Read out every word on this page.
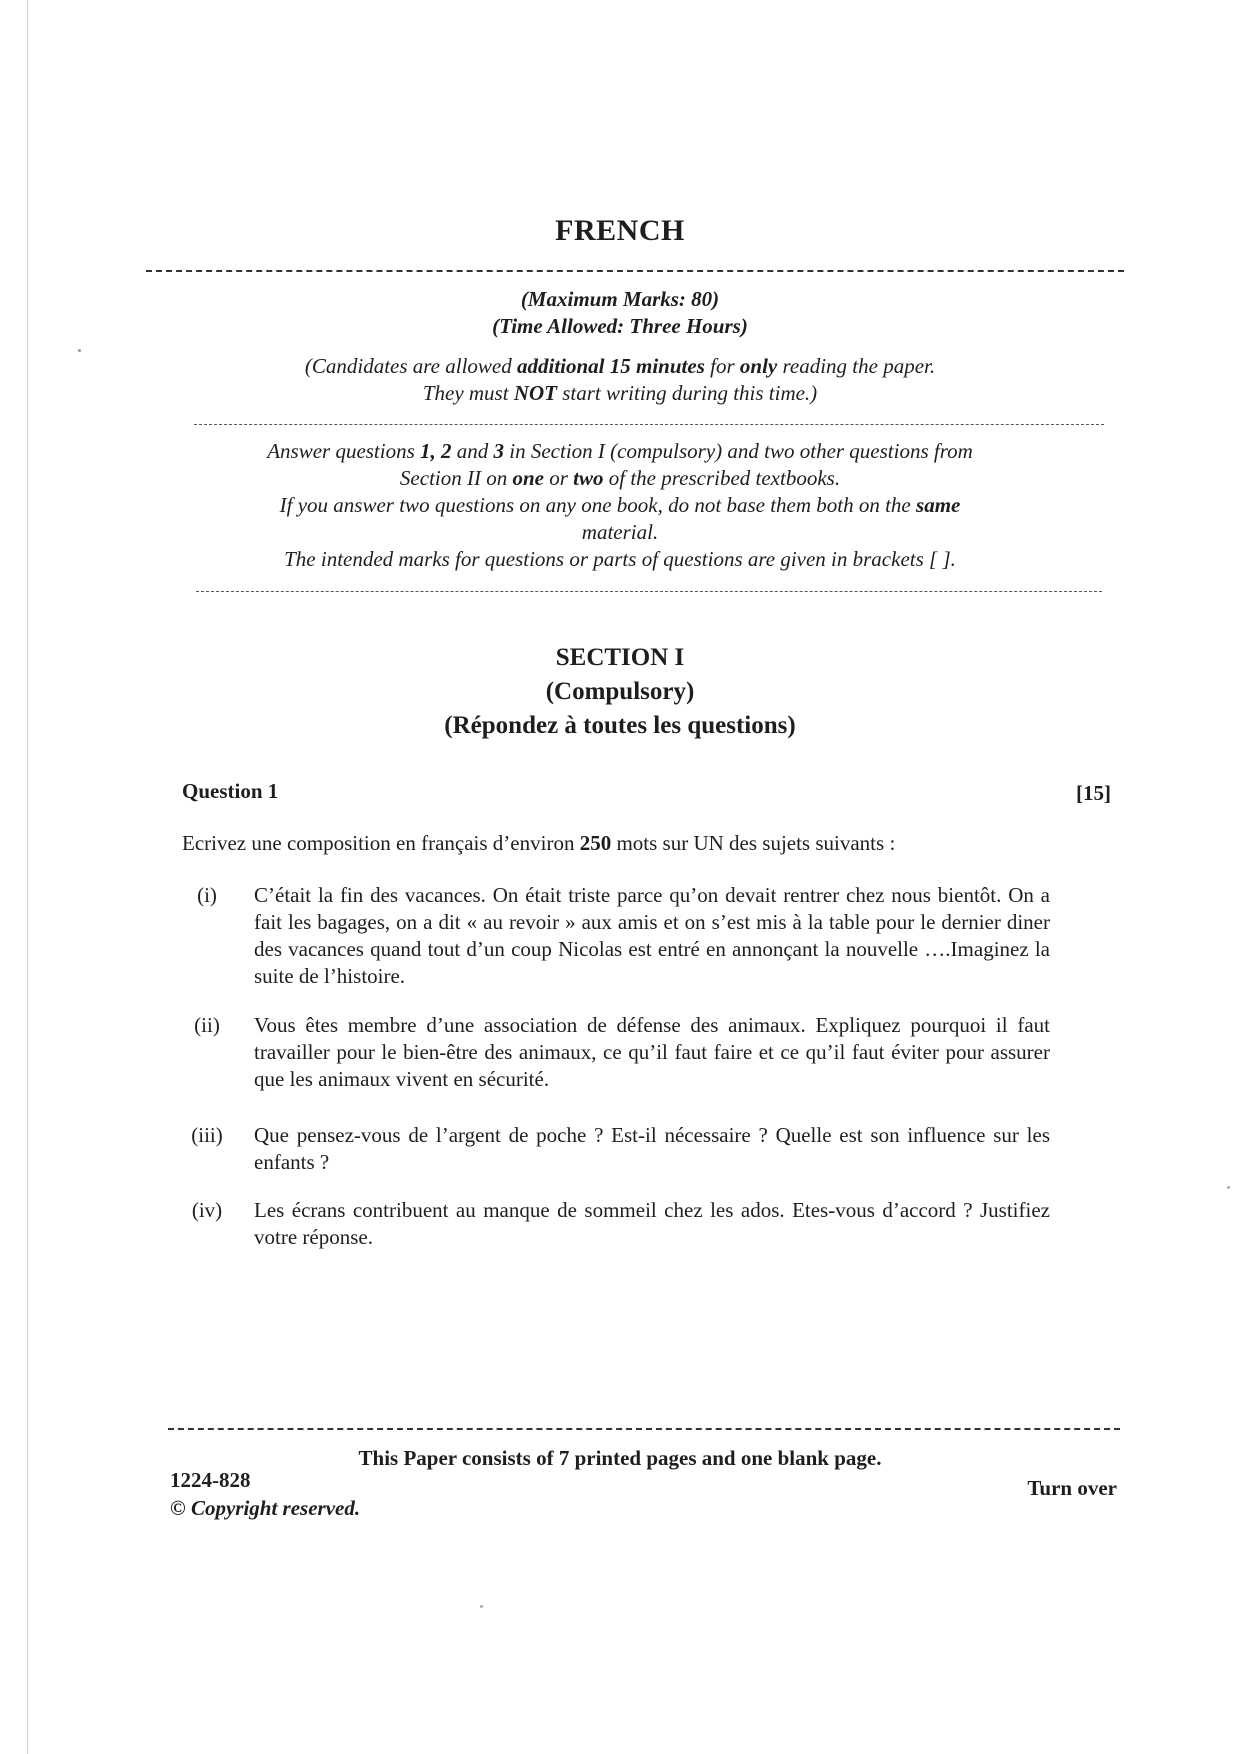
FRENCH
(Maximum Marks: 80)
(Time Allowed: Three Hours)
(Candidates are allowed additional 15 minutes for only reading the paper.
They must NOT start writing during this time.)
Answer questions 1, 2 and 3 in Section I (compulsory) and two other questions from
Section II on one or two of the prescribed textbooks.
If you answer two questions on any one book, do not base them both on the same
material.
The intended marks for questions or parts of questions are given in brackets [ ].
SECTION I
(Compulsory)
(Répondez à toutes les questions)
Question 1	[15]
Ecrivez une composition en français d’environ 250 mots sur UN des sujets suivants :
(i)	C’était la fin des vacances. On était triste parce qu’on devait rentrer chez nous bientôt. On a fait les bagages, on a dit « au revoir » aux amis et on s’est mis à la table pour le dernier diner des vacances quand tout d’un coup Nicolas est entré en annonçant la nouvelle ….Imaginez la suite de l’histoire.
(ii)	Vous êtes membre d’une association de défense des animaux. Expliquez pourquoi il faut travailler pour le bien-être des animaux, ce qu’il faut faire et ce qu’il faut éviter pour assurer que les animaux vivent en sécurité.
(iii)	Que pensez-vous de l’argent de poche ? Est-il nécessaire ? Quelle est son influence sur les enfants ?
(iv)	Les écrans contribuent au manque de sommeil chez les ados. Etes-vous d’accord ? Justifiez votre réponse.
This Paper consists of 7 printed pages and one blank page.
1224-828	Turn over
© Copyright reserved.
